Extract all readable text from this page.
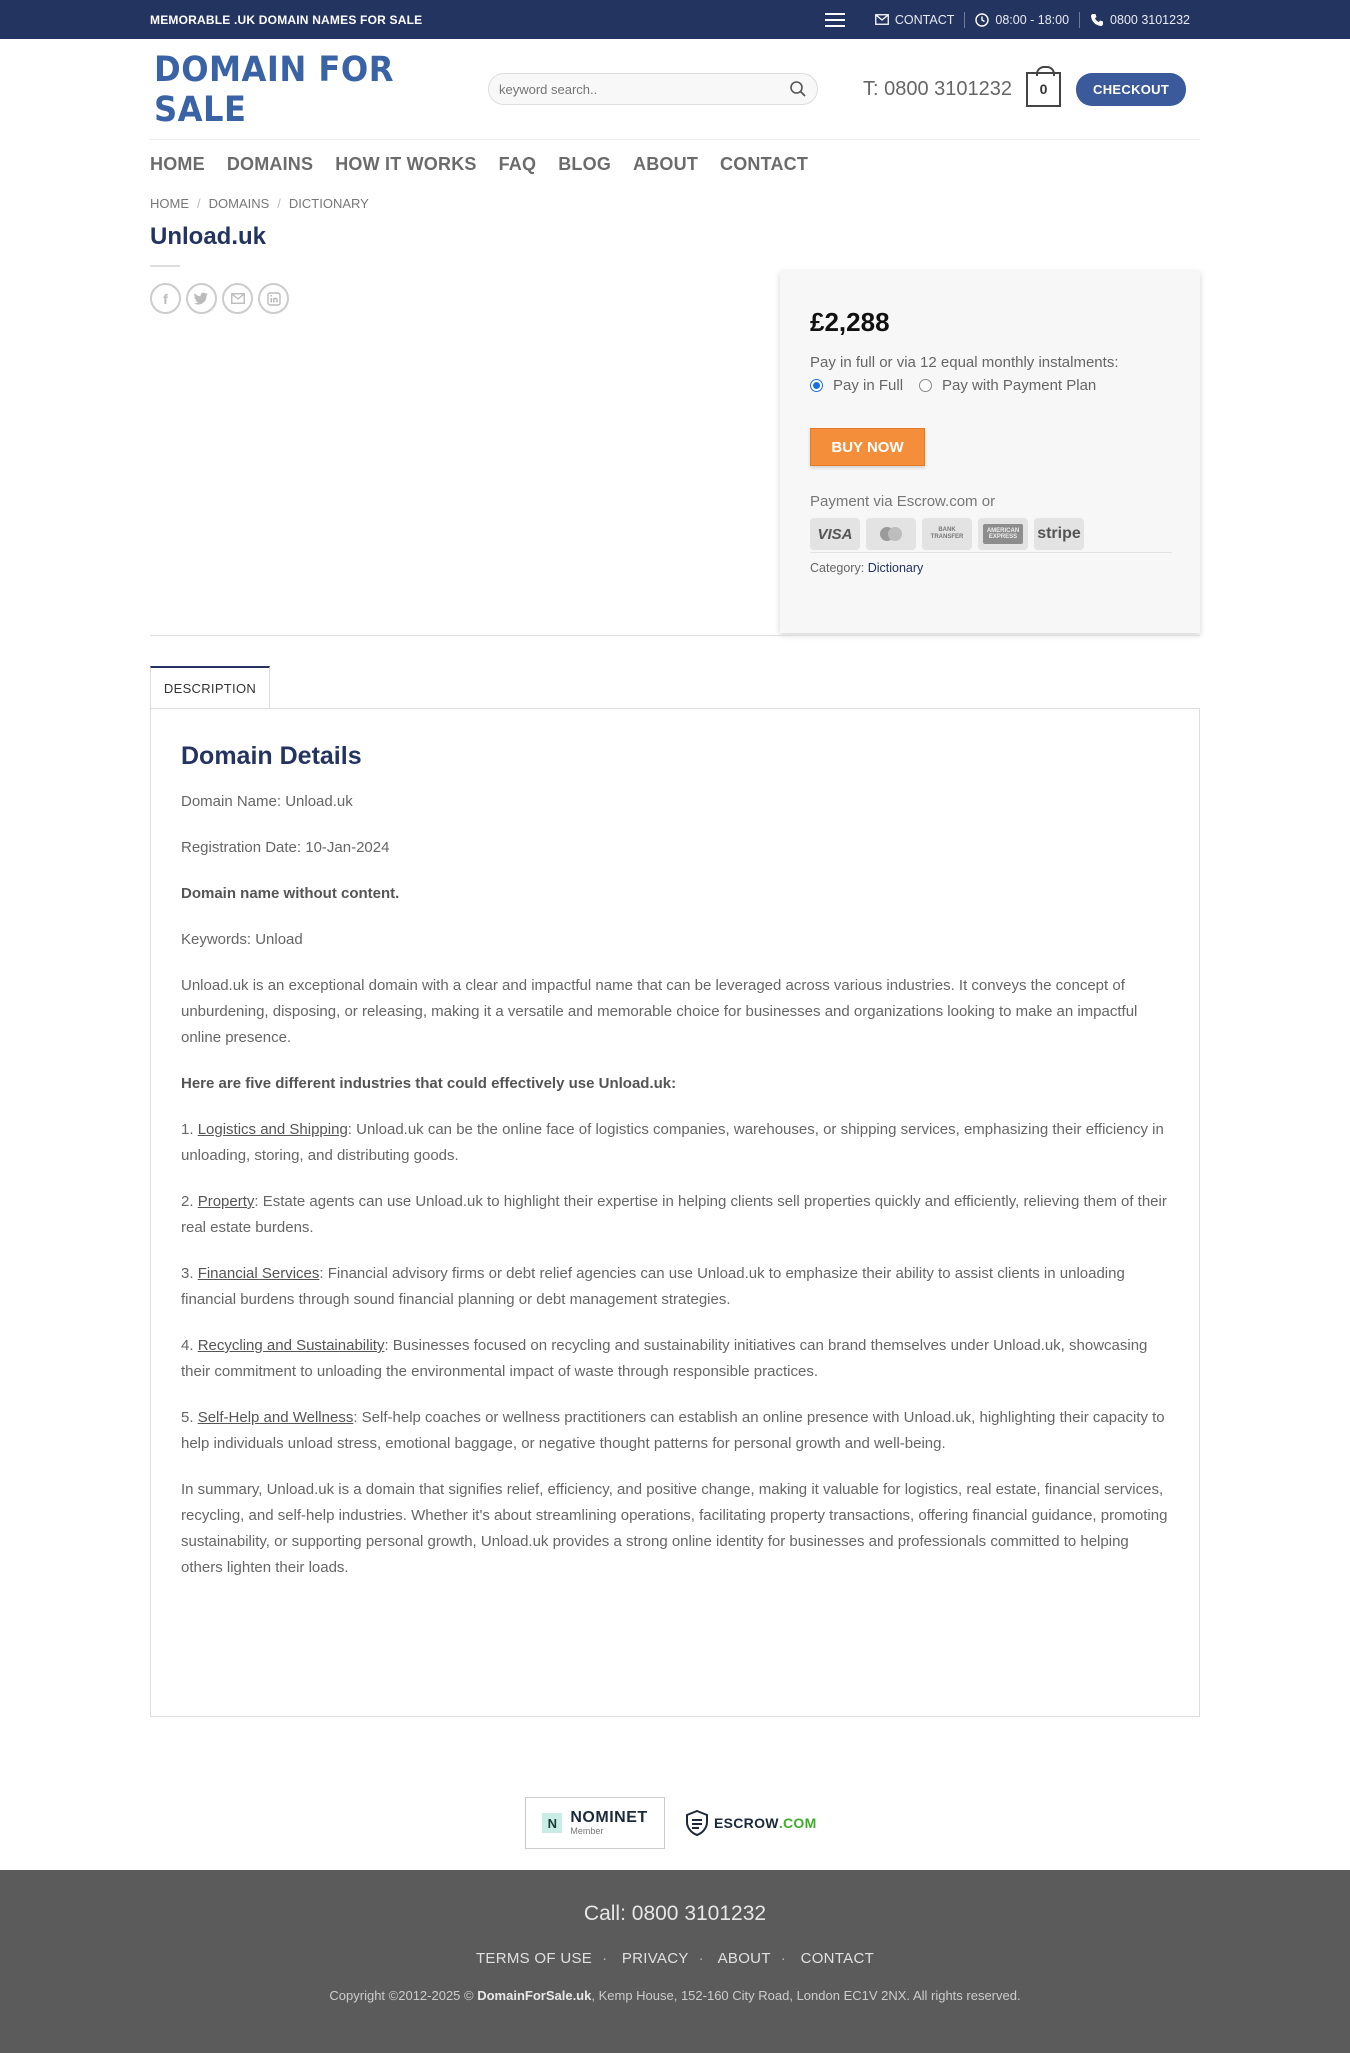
MEMORABLE .UK DOMAIN NAMES FOR SALE	CONTACT	08:00 - 18:00	0800 3101232
DOMAIN FOR SALE
keyword search..
T: 0800 3101232 0	CHECKOUT
HOME DOMAINS HOW IT WORKS FAQ BLOG ABOUT CONTACT
HOME / DOMAINS / DICTIONARY
Unload.uk
f
£2,288
Pay in full or via 12 equal monthly instalments:
Pay in Full	Pay with Payment Plan
BUY NOW
Payment via Escrow.com or
VISA	BANK TRANSFER
AMERICAN EXPRESS	stripe
Category: Dictionary
DESCRIPTION
Domain Details

Domain Name: Unload.uk

Registration Date: 10-Jan-2024

Domain name without content.

Keywords: Unload

Unload.uk is an exceptional domain with a clear and impactful name that can be leveraged across various industries. It conveys the concept of unburdening, disposing, or releasing, making it a versatile and memorable choice for businesses and organizations looking to make an impactful online presence.

Here are five different industries that could effectively use Unload.uk:

1. Logistics and Shipping: Unload.uk can be the online face of logistics companies, warehouses, or shipping services, emphasizing their efficiency in unloading, storing, and distributing goods.

2. Property: Estate agents can use Unload.uk to highlight their expertise in helping clients sell properties quickly and efficiently, relieving them of their real estate burdens.

3. Financial Services: Financial advisory firms or debt relief agencies can use Unload.uk to emphasize their ability to assist clients in unloading financial burdens through sound financial planning or debt management strategies.

4. Recycling and Sustainability: Businesses focused on recycling and sustainability initiatives can brand themselves under Unload.uk, showcasing their commitment to unloading the environmental impact of waste through responsible practices.

5. Self-Help and Wellness: Self-help coaches or wellness practitioners can establish an online presence with Unload.uk, highlighting their capacity to help individuals unload stress, emotional baggage, or negative thought patterns for personal growth and well-being.

In summary, Unload.uk is a domain that signifies relief, efficiency, and positive change, making it valuable for logistics, real estate, financial services, recycling, and self-help industries. Whether it's about streamlining operations, facilitating property transactions, offering financial guidance, promoting sustainability, or supporting personal growth, Unload.uk provides a strong online identity for businesses and professionals committed to helping others lighten their loads.

N NOMINET
Member	ESCROW .COM
Call: 0800 3101232
TERMS OF USE · PRIVACY · ABOUT · CONTACT
Copyright ©2012-2025 © DomainForSale.uk, Kemp House, 152-160 City Road, London EC1V 2NX. All rights reserved.
